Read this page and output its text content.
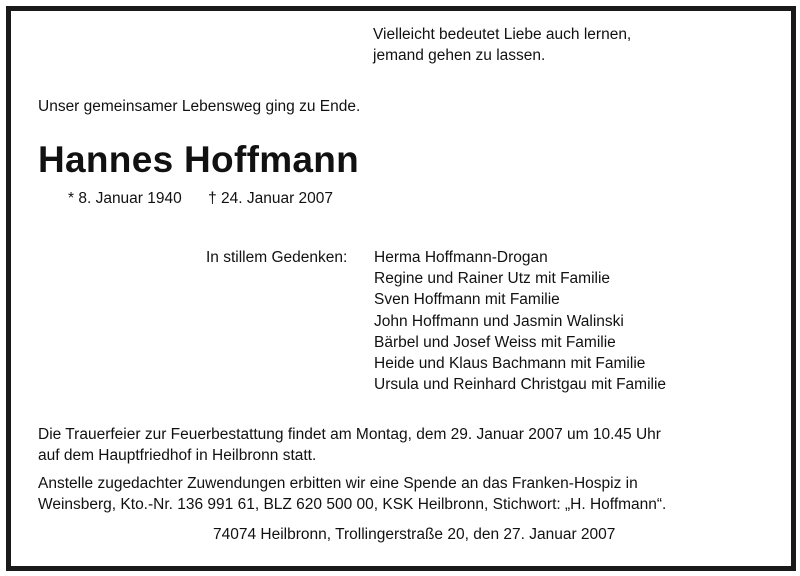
Vielleicht bedeutet Liebe auch lernen,
jemand gehen zu lassen.
Unser gemeinsamer Lebensweg ging zu Ende.
Hannes Hoffmann
* 8. Januar 1940 † 24. Januar 2007
In stillem Gedenken: Herma Hoffmann-Drogan
Regine und Rainer Utz mit Familie
Sven Hoffmann mit Familie
John Hoffmann und Jasmin Walinski
Bärbel und Josef Weiss mit Familie
Heide und Klaus Bachmann mit Familie
Ursula und Reinhard Christgau mit Familie
Die Trauerfeier zur Feuerbestattung findet am Montag, dem 29. Januar 2007 um 10.45 Uhr
auf dem Hauptfriedhof in Heilbronn statt.
Anstelle zugedachter Zuwendungen erbitten wir eine Spende an das Franken-Hospiz in
Weinsberg, Kto.-Nr. 136 991 61, BLZ 620 500 00, KSK Heilbronn, Stichwort: „H. Hoffmann“.
74074 Heilbronn, Trollingerstraße 20, den 27. Januar 2007
